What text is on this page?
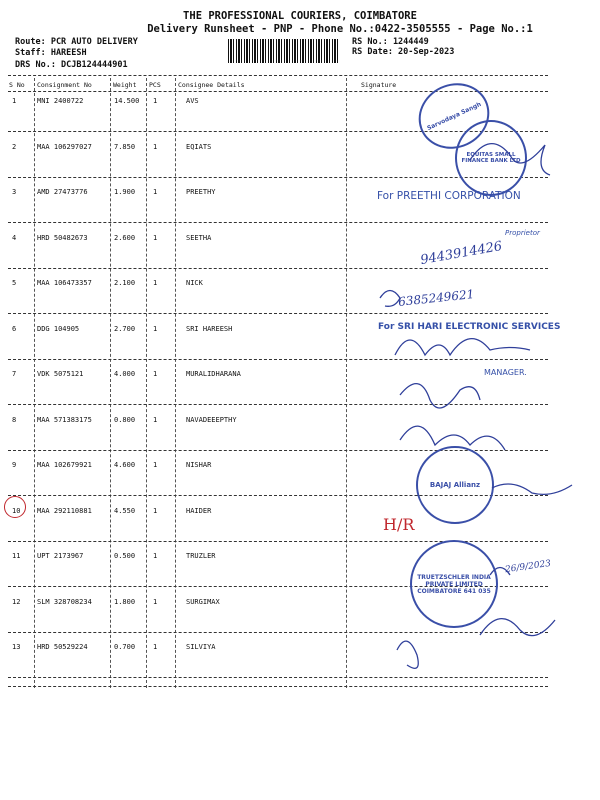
THE PROFESSIONAL COURIERS, COIMBATORE
Delivery Runsheet - PNP - Phone No.:0422-3505555 - Page No.:1
Route: PCR AUTO DELIVERY
Staff: HAREESH
DRS No.: DCJB124444901
RS No.: 1244449
RS Date: 20-Sep-2023
S No Consignment No	Weight PCS	Consignee Details	Signature
1	MNI 2400722	14.500 1	AVS
2	MAA 106297027	7.850	1	EQIATS
3	AMD 27473776	1.900	1	PREETHY
4	HRD 50482673	2.600	1	SEETHA
5	MAA 106473357	2.100	1	NICK
6	DDG 104905	2.700	1	SRI HAREESH
7	VDK 5075121	4.000	1	MURALIDHARANA
8	MAA 571383175	0.800	1	NAVADEEEPTHY
9	MAA 102679921	4.600	1	NISHAR
10 MAA 292110881	4.550	1	HAIDER
11 UPT 2173967	0.500	1	TRUZLER
12 SLM 328708234	1.800	1	SURGIMAX
13 HRD 50529224	0.700	1	SILVIYA
Sarvodaya Sangh
EQUITAS SMALL FINANCE BANK LTD
For PREETHI CORPORATION
Proprietor
9443914426
6385249621
For SRI HARI ELECTRONIC SERVICES
MANAGER.
BAJAJ Allianz
H/R
TRUETZSCHLER INDIA PRIVATE LIMITED COIMBATORE 641 035
26/9/2023
